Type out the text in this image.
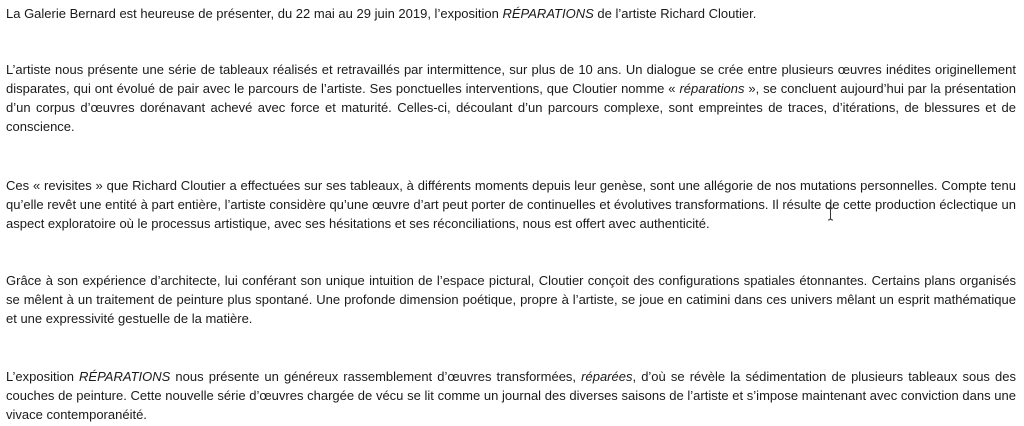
La Galerie Bernard est heureuse de présenter, du 22 mai au 29 juin 2019, l’exposition RÉPARATIONS de l’artiste Richard Cloutier.

L’artiste nous présente une série de tableaux réalisés et retravaillés par intermittence, sur plus de 10 ans. Un dialogue se crée entre plusieurs œuvres inédites originellement disparates, qui ont évolué de pair avec le parcours de l’artiste. Ses ponctuelles interventions, que Cloutier nomme « réparations », se concluent aujourd’hui par la présentation d’un corpus d’œuvres dorénavant achevé avec force et maturité. Celles-ci, découlant d’un parcours complexe, sont empreintes de traces, d’itérations, de blessures et de conscience.

Ces « revisites » que Richard Cloutier a effectuées sur ses tableaux, à différents moments depuis leur genèse, sont une allégorie de nos mutations personnelles. Compte tenu qu’elle revêt une entité à part entière, l’artiste considère qu’une œuvre d’art peut porter de continuelles et évolutives transformations. Il résulte de cette production éclectique un aspect exploratoire où le processus artistique, avec ses hésitations et ses réconciliations, nous est offert avec authenticité.

Grâce à son expérience d’architecte, lui conférant son unique intuition de l’espace pictural, Cloutier conçoit des configurations spatiales étonnantes. Certains plans organisés se mêlent à un traitement de peinture plus spontané. Une profonde dimension poétique, propre à l’artiste, se joue en catimini dans ces univers mêlant un esprit mathématique et une expressivité gestuelle de la matière.

L’exposition RÉPARATIONS nous présente un généreux rassemblement d’œuvres transformées, réparées, d’où se révèle la sédimentation de plusieurs tableaux sous des couches de peinture. Cette nouvelle série d’œuvres chargée de vécu se lit comme un journal des diverses saisons de l’artiste et s’impose maintenant avec conviction dans une vivace contemporanéité.
